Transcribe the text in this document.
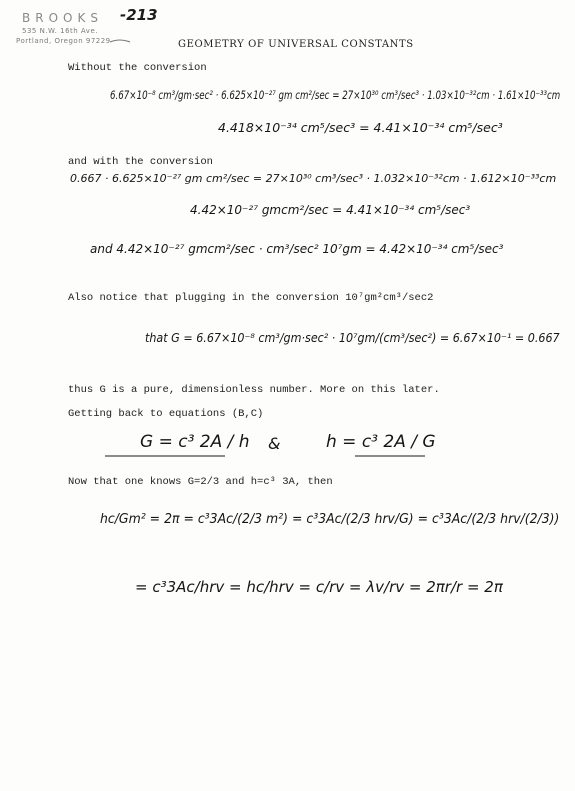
BROOKS -213
535 N.W. 16th Ave.
Portland, Oregon 97229	GEOMETRY OF UNIVERSAL CONSTANTS
Without the conversion
6.67×10⁻⁸ cm³/gm·sec² · 6.625×10⁻²⁷ gm cm²/sec = 27×10³⁰ cm³/sec³ · 1.03×10⁻³²cm · 1.61×10⁻³³cm
4.418×10⁻³⁴ cm⁵/sec³ = 4.41×10⁻³⁴ cm⁵/sec³
and with the conversion
0.667 · 6.625×10⁻²⁷ gm cm²/sec = 27×10³⁰ cm³/sec³ · 1.032×10⁻³²cm · 1.612×10⁻³³cm
4.42×10⁻²⁷ gmcm²/sec = 4.41×10⁻³⁴ cm⁵/sec³
and 4.42×10⁻²⁷ gmcm²/sec · cm³/sec² 10⁷gm = 4.42×10⁻³⁴ cm⁵/sec³
Also notice that plugging in the conversion 10⁷gm²cm³/sec2
that G = 6.67×10⁻⁸ cm³/gm·sec² · 10⁷gm/(cm³/sec²) = 6.67×10⁻¹ = 0.667
thus G is a pure, dimensionless number. More on this later.
Getting back to equations (B,C)
G = c³ 2A / h &	h = c³ 2A / G
Now that one knows G=2/3 and h=c³ 3A, then
hc/Gm² = 2π = c³3Ac/(2/3 m²) = c³3Ac/(2/3 hrv/G) = c³3Ac/(2/3 hrv/(2/3))
= c³3Ac/hrv = hc/hrv = c/rv = λv/rv = 2πr/r = 2π
